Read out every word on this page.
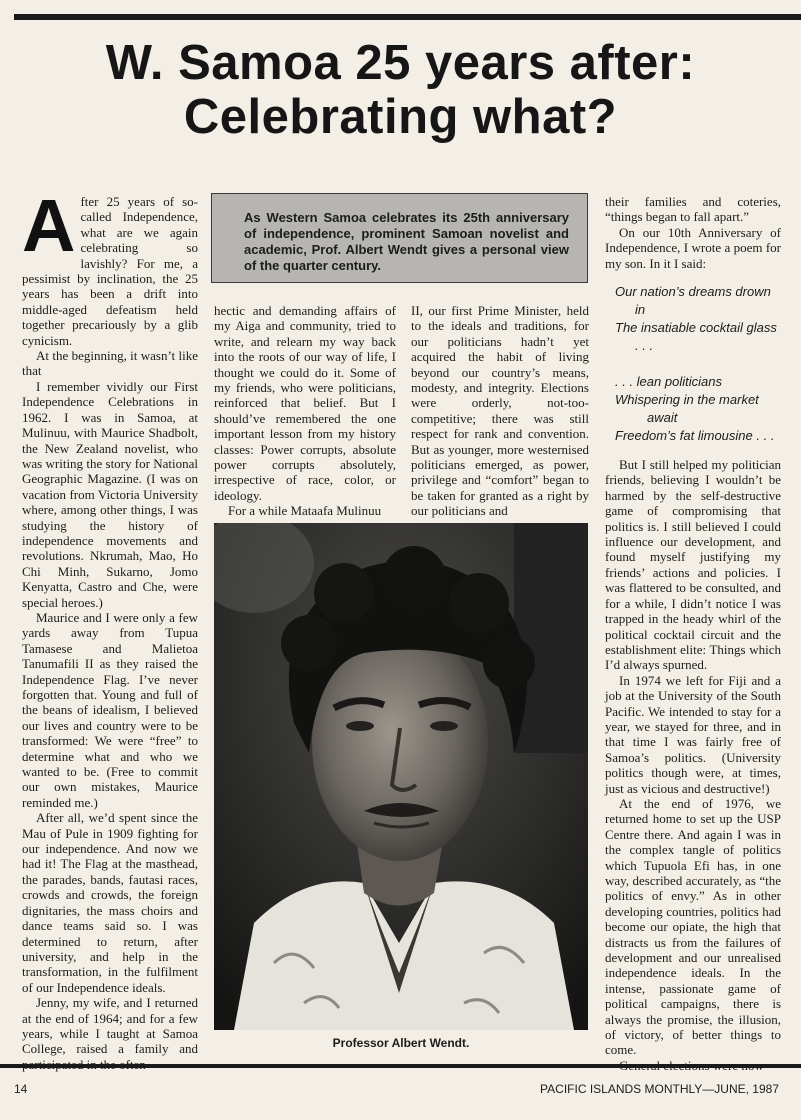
W. Samoa 25 years after:
Celebrating what?
A fter 25 years of so-called Independence, what are we again celebrating so lavishly? For me, a pessimist by inclination, the 25 years has been a drift into middle-aged defeatism held together precariously by a glib cynicism.

At the beginning, it wasn’t like that

I remember vividly our First Independence Celebrations in 1962. I was in Samoa, at Mulinuu, with Maurice Shadbolt, the New Zealand novelist, who was writing the story for National Geographic Magazine. (I was on vacation from Victoria University where, among other things, I was studying the history of independence movements and revolutions. Nkrumah, Mao, Ho Chi Minh, Sukarno, Jomo Kenyatta, Castro and Che, were special heroes.)

Maurice and I were only a few yards away from Tupua Tamasese and Malietoa Tanumafili II as they raised the Independence Flag. I’ve never forgotten that. Young and full of the beans of idealism, I believed our lives and country were to be transformed: We were “free” to determine what and who we wanted to be. (Free to commit our own mistakes, Maurice reminded me.)

After all, we’d spent since the Mau of Pule in 1909 fighting for our independence. And now we had it! The Flag at the masthead, the parades, bands, fautasi races, crowds and crowds, the foreign dignitaries, the mass choirs and dance teams said so. I was determined to return, after university, and help in the transformation, in the fulfilment of our Independence ideals.

Jenny, my wife, and I returned at the end of 1964; and for a few years, while I taught at Samoa College, raised a family and

As Western Samoa celebrates its 25th anniversary of independence, prominent Samoan novelist and academic, Prof. Albert Wendt gives a personal view of the quarter century.

hectic and demanding affairs of my Aiga and community, tried to write, and relearn my way back into the roots of our way of life, I thought we could do it. Some of my friends, who were politicians, reinforced that belief. But I should’ve remembered the one important lesson from my history classes: Power corrupts, absolute power corrupts absolutely, irrespective of race, color, or ideology.

For a while Mataafa Mulinuu

II, our first Prime Minister, held to the ideals and traditions, for our politicians hadn’t yet acquired the habit of living beyond our country’s means, modesty, and integrity. Elections were orderly, not-too-competitive; there was still respect for rank and convention. But as younger, more westernised politicians emerged, as power, privilege and “comfort” began to be taken for granted as a right by our politicians and

Professor Albert Wendt.

their families and coteries, “things began to fall apart.”

On our 10th Anniversary of Independence, I wrote a poem for my son. In it I said:

Our nation’s dreams drown
in
The insatiable cocktail glass
. . .
. . . lean politicians
Whispering in the market
await
Freedom’s fat limousine . . .

But I still helped my politician friends, believing I wouldn’t be harmed by the self-destructive game of compromising that politics is. I still believed I could influence our development, and found myself justifying my friends’ actions and policies. I was flattered to be consulted, and for a while, I didn’t notice I was trapped in the heady whirl of the political cocktail circuit and the establishment elite: Things which I’d always spurned.

In 1974 we left for Fiji and a job at the University of the South Pacific. We intended to stay for a year, we stayed for three, and in that time I was fairly free of Samoa’s politics. (University politics though were, at times, just as vicious and destructive!)

At the end of 1976, we returned home to set up the USP Centre there. And again I was in the complex tangle of politics which Tupuola Efi has, in one way, described accurately, as “the politics of envy.” As in other developing countries, politics had become our opiate, the high that distracts us from the failures of development and our unrealised independence ideals. In the intense, passionate game of political campaigns, there is always the promise, the illusion, of victory, of better things to come.

14	PACIFIC ISLANDS MONTHLY—JUNE, 1987
